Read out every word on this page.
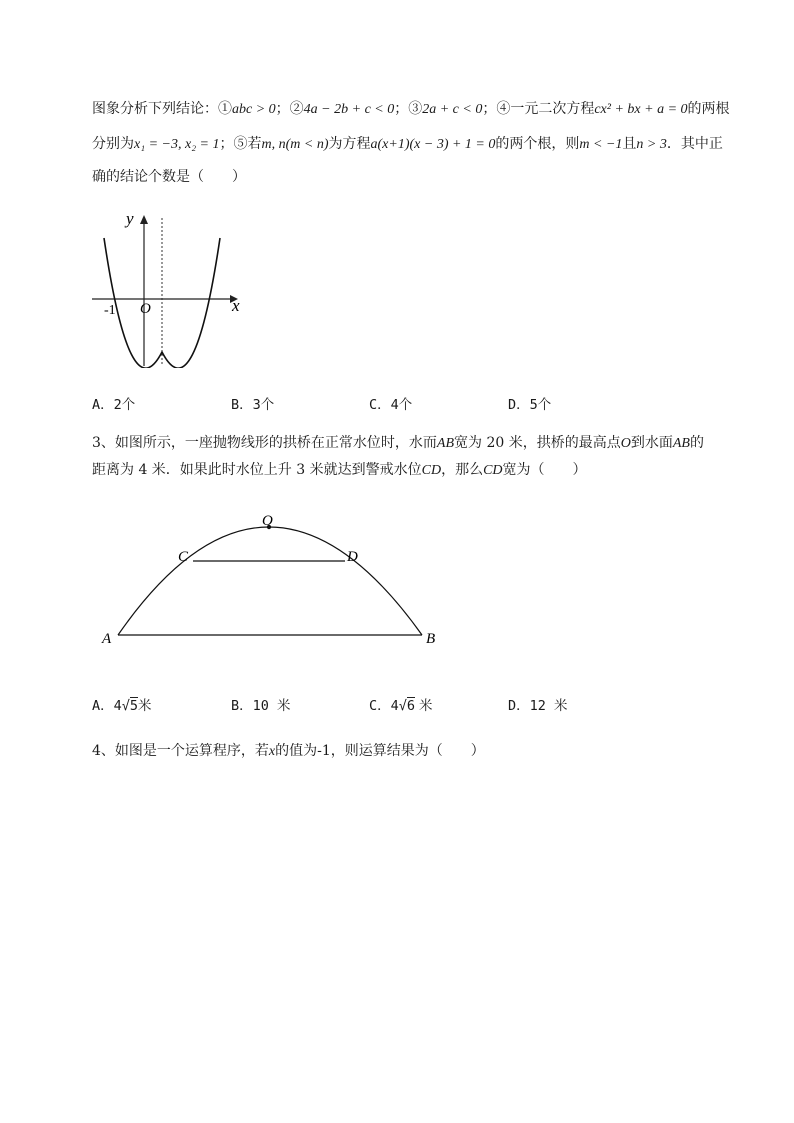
图象分析下列结论：①abc > 0；②4a − 2b + c < 0；③2a + c < 0；④一元二次方程cx² + bx + a = 0的两根
分别为x₁ = −3, x₂ = 1；⑤若m, n(m < n)为方程a(x+1)(x − 3) + 1 = 0的两个根，则m < −1且n > 3．其中正
确的结论个数是（　　）
y
x
O
-1
A．2个	B．3个	C．4个	D．5个
3、如图所示，一座抛物线形的拱桥在正常水位时，水而AB宽为 20 米，拱桥的最高点O到水面AB的
距离为 4 米．如果此时水位上升 3 米就达到警戒水位CD，那么CD宽为（　　）
O
C	D
A	B
A．4√5米	B．10 米	C．4√6 米	D．12 米
4、如图是一个运算程序，若x的值为-1，则运算结果为（　　）
